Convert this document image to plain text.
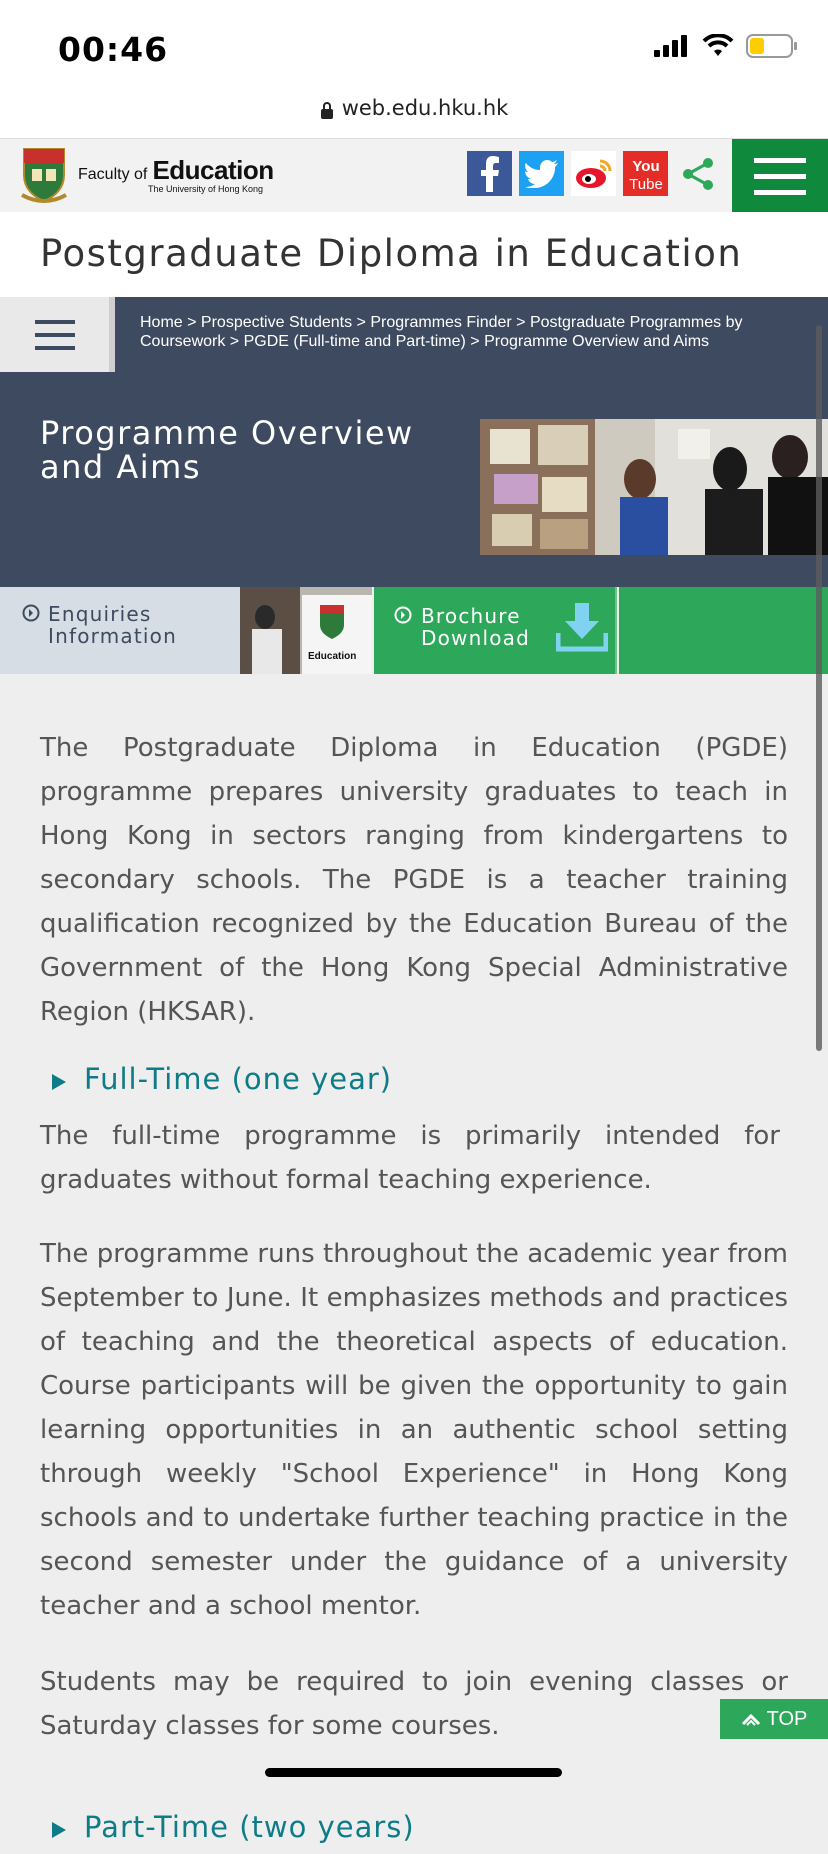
00:46
web.edu.hku.hk
Faculty of Education
The University of Hong Kong
You
Tube
Postgraduate Diploma in Education
Home > Prospective Students > Programmes Finder > Postgraduate Programmes by Coursework > PGDE (Full-time and Part-time) > Programme Overview and Aims
Programme Overview and Aims
Enquiries Information
Education
Brochure Download

The Postgraduate Diploma in Education (PGDE) programme prepares university graduates to teach in Hong Kong in sectors ranging from kindergartens to secondary schools. The PGDE is a teacher training qualification recognized by the Education Bureau of the Government of the Hong Kong Special Administrative Region (HKSAR).

Full-Time (one year)

The full-time programme is primarily intended for graduates without formal teaching experience.

The programme runs throughout the academic year from September to June. It emphasizes methods and practices of teaching and the theoretical aspects of education. Course participants will be given the opportunity to gain learning opportunities in an authentic school setting through weekly "School Experience" in Hong Kong schools and to undertake further teaching practice in the second semester under the guidance of a university teacher and a school mentor.

Students may be required to join evening classes or Saturday classes for some courses.

Part-Time (two years)
TOP
